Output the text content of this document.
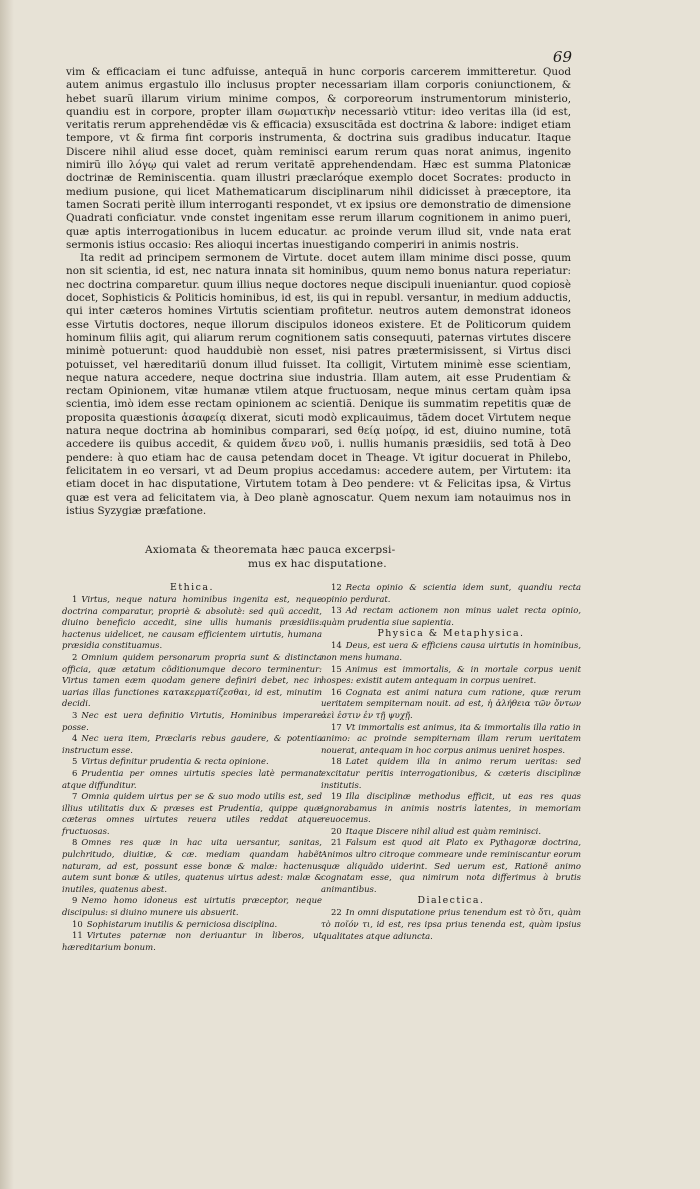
69

vim & efficaciam ei tunc adfuisse, antequã in hunc corporis carcerem immitteretur. Quod autem animus ergastulo illo inclusus propter necessariam illam corporis coniunctionem, & hebet suarũ illarum virium minime compos, & corporeorum instrumentorum ministerio, quandiu est in corpore, propter illam σωματικὴν necessariò vtitur: ideo veritas illa (id est, veritatis rerum apprehendẽdæ vis & efficacia) exsuscitãda est doctrina & labore: indiget etiam tempore, vt & firma fint corporis instrumenta, & doctrina suis gradibus inducatur. Itaque Discere nihil aliud esse docet, quàm reminisci earum rerum quas norat animus, ingenito nimirũ illo λόγῳ qui valet ad rerum veritatẽ apprehendendam. Hæc est summa Platonicæ doctrinæ de Reminiscentia. quam illustri præclaróque exemplo docet Socrates: producto in medium pusione, qui licet Mathematicarum disciplinarum nihil didicisset à præceptore, ita tamen Socrati peritè illum interroganti respondet, vt ex ipsius ore demonstratio de dimensione Quadrati conficiatur. vnde constet ingenitam esse rerum illarum cognitionem in animo pueri, quæ aptis interrogationibus in lucem educatur. ac proinde verum illud sit, vnde nata erat sermonis istius occasio: Res alioqui incertas inuestigando comperiri in animis nostris.

Ita redit ad principem sermonem de Virtute. docet autem illam minime disci posse, quum non sit scientia, id est, nec natura innata sit hominibus, quum nemo bonus natura reperiatur: nec doctrina comparetur. quum illius neque doctores neque discipuli inueniantur. quod copiosè docet, Sophisticis & Politicis hominibus, id est, iis qui in republ. versantur, in medium adductis, qui inter cæteros homines Virtutis scientiam profitetur. neutros autem demonstrat idoneos esse Virtutis doctores, neque illorum discipulos idoneos existere. Et de Politicorum quidem hominum filiis agit, qui aliarum rerum cognitionem satis consequuti, paternas virtutes discere minimè potuerunt: quod hauddubiè non esset, nisi patres prætermisissent, si Virtus disci potuisset, vel hæreditariũ donum illud fuisset. Ita colligit, Virtutem minimè esse scientiam, neque natura accedere, neque doctrina siue industria. Illam autem, ait esse Prudentiam & rectam Opinionem, vitæ humanæ vtilem atque fructuosam, neque minus certam quàm ipsa scientia, imò idem esse rectam opinionem ac scientiã. Denique iis summatim repetitis quæ de proposita quæstionis ἀσαφείᾳ dixerat, sicuti modò explicauimus, tãdem docet Virtutem neque natura neque doctrina ab hominibus comparari, sed θείᾳ μοίρᾳ, id est, diuino numine, totã accedere iis quibus accedit, & quidem ἄνευ νοῦ, i. nullis humanis præsidiis, sed totã à Deo pendere: à quo etiam hac de causa petendam docet in Theage. Vt igitur docuerat in Philebo, felicitatem in eo versari, vt ad Deum propius accedamus: accedere autem, per Virtutem: ita etiam docet in hac disputatione, Virtutem totam à Deo pendere: vt & Felicitas ipsa, & Virtus quæ est vera ad felicitatem via, à Deo planè agnoscatur. Quem nexum iam notauimus nos in istius Syzygiæ præfatione.

Axiomata & theoremata hæc pauca excerpsi-
mus ex hac disputatione.

Ethica.

1 Virtus, neque natura hominibus ingenita est, neque doctrina comparatur, propriè & absolutè: sed quũ accedit, diuino beneficio accedit, sine ullis humanis præsidiis: hactenus uidelicet, ne causam efficientem uirtutis, humana præsidia constituamus.

2 Omnium quidem personarum propria sunt & distincta officia, quæ ætatum cõditionumque decoro terminentur: Virtus tamen eæm quodam genere definiri debet, nec in uarias illas functiones κατακερματίζεσθαι, id est, minutim decidi.

3 Nec est uera definitio Virtutis, Hominibus imperare posse.

4 Nec uera item, Præclaris rebus gaudere, & potentia instructum esse.

5 Virtus definitur prudentia & recta opinione.

6 Prudentia per omnes uirtutis species latè permanat atque diffunditur.

7 Omnia quidem uirtus per se & suo modo utilis est, sed illius utilitatis dux & præses est Prudentia, quippe quæ cæteras omnes uirtutes reuera utiles reddat atque fructuosas.

8 Omnes res quæ in hac uita uersantur, sanitas, pulchritudo, diuitiæ, & cæ. mediam quandam habẽt naturam, ad est, possunt esse bonæ & malæ: hactenus autem sunt bonæ & utiles, quatenus uirtus adest: malæ & inutiles, quatenus abest.

9 Nemo homo idoneus est uirtutis præceptor, neque discipulus: si diuino munere uis absuerit.

10 Sophistarum inutilis & perniciosa disciplina.

11 Virtutes paternæ non deriuantur in liberos, ut hæreditarium bonum.

12 Recta opinio & scientia idem sunt, quandiu recta opinio perdurat.

13 Ad rectam actionem non minus ualet recta opinio, quàm prudentia siue sapientia.

Physica & Metaphysica.

14 Deus, est uera & efficiens causa uirtutis in hominibus, non mens humana.

15 Animus est immortalis, & in mortale corpus uenit hospes: existit autem antequam in corpus ueniret.

16 Cognata est animi natura cum ratione, quæ rerum ueritatem sempiternam nouit. ad est, ἡ ἀλήθεια τῶν ὄντων ἀεὶ ἐστιν ἐν τῇ ψυχῇ.

17 Vt immortalis est animus, ita & immortalis illa ratio in animo: ac proinde sempiternam illam rerum ueritatem nouerat, antequam in hoc corpus animus ueniret hospes.

18 Latet quidem illa in animo rerum ueritas: sed excitatur peritis interrogationibus, & cæteris disciplinæ institutis.

19 Illa disciplinæ methodus efficit, ut eas res quas ignorabamus in animis nostris latentes, in memoriam reuocemus.

20 Itaque Discere nihil aliud est quàm reminisci.

21 Falsum est quod ait Plato ex Pythagoræ doctrina, Animos ultro citroque commeare unde reminiscantur eorum quæ aliquãdo uiderint. Sed uerum est, Rationẽ animo cognatam esse, qua nimirum nota differimus à brutis animantibus.

Dialectica.

22 In omni disputatione prius tenendum est τὸ ὅτι, quàm τὸ ποῖόν τι, id est, res ipsa prius tenenda est, quàm ipsius qualitates atque adiuncta.
